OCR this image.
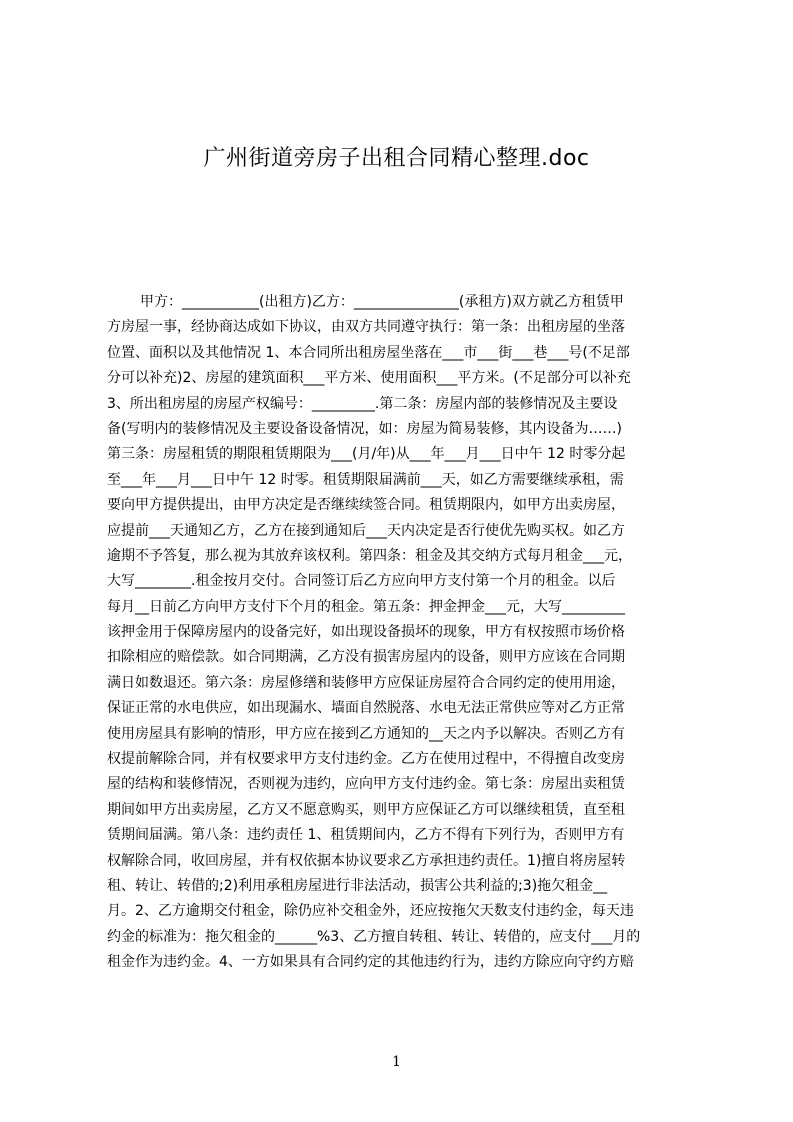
广州街道旁房子出租合同精心整理.doc
甲方：___________(出租方)乙方：_______________(承租方)双方就乙方租赁甲
方房屋一事，经协商达成如下协议，由双方共同遵守执行：第一条：出租房屋的坐落
位置、面积以及其他情况 1、本合同所出租房屋坐落在___市___街___巷___号(不足部
分可以补充)2、房屋的建筑面积___平方米、使用面积___平方米。(不足部分可以补充
3、所出租房屋的房屋产权编号：_________.第二条：房屋内部的装修情况及主要设
备(写明内的装修情况及主要设备设备情况，如：房屋为简易装修，其内设备为……)
第三条：房屋租赁的期限租赁期限为___(月/年)从___年___月___日中午 12 时零分起
至___年___月___日中午 12 时零。租赁期限届满前___天，如乙方需要继续承租，需
要向甲方提供提出，由甲方决定是否继续续签合同。租赁期限内，如甲方出卖房屋，
应提前___天通知乙方，乙方在接到通知后___天内决定是否行使优先购买权。如乙方
逾期不予答复，那么视为其放弃该权利。第四条：租金及其交纳方式每月租金___元，
大写________.租金按月交付。合同签订后乙方应向甲方支付第一个月的租金。以后
每月__日前乙方向甲方支付下个月的租金。第五条：押金押金___元，大写_________
该押金用于保障房屋内的设备完好，如出现设备损坏的现象，甲方有权按照市场价格
扣除相应的赔偿款。如合同期满，乙方没有损害房屋内的设备，则甲方应该在合同期
满日如数退还。第六条：房屋修缮和装修甲方应保证房屋符合合同约定的使用用途，
保证正常的水电供应，如出现漏水、墙面自然脱落、水电无法正常供应等对乙方正常
使用房屋具有影响的情形，甲方应在接到乙方通知的__天之内予以解决。否则乙方有
权提前解除合同，并有权要求甲方支付违约金。乙方在使用过程中，不得擅自改变房
屋的结构和装修情况，否则视为违约，应向甲方支付违约金。第七条：房屋出卖租赁
期间如甲方出卖房屋，乙方又不愿意购买，则甲方应保证乙方可以继续租赁，直至租
赁期间届满。第八条：违约责任 1、租赁期间内，乙方不得有下列行为，否则甲方有
权解除合同，收回房屋，并有权依据本协议要求乙方承担违约责任。1)擅自将房屋转
租、转让、转借的;2)利用承租房屋进行非法活动，损害公共利益的;3)拖欠租金__
月。2、乙方逾期交付租金，除仍应补交租金外，还应按拖欠天数支付违约金，每天违
约金的标准为：拖欠租金的______%3、乙方擅自转租、转让、转借的，应支付___月的
租金作为违约金。4、一方如果具有合同约定的其他违约行为，违约方除应向守约方赔
1
